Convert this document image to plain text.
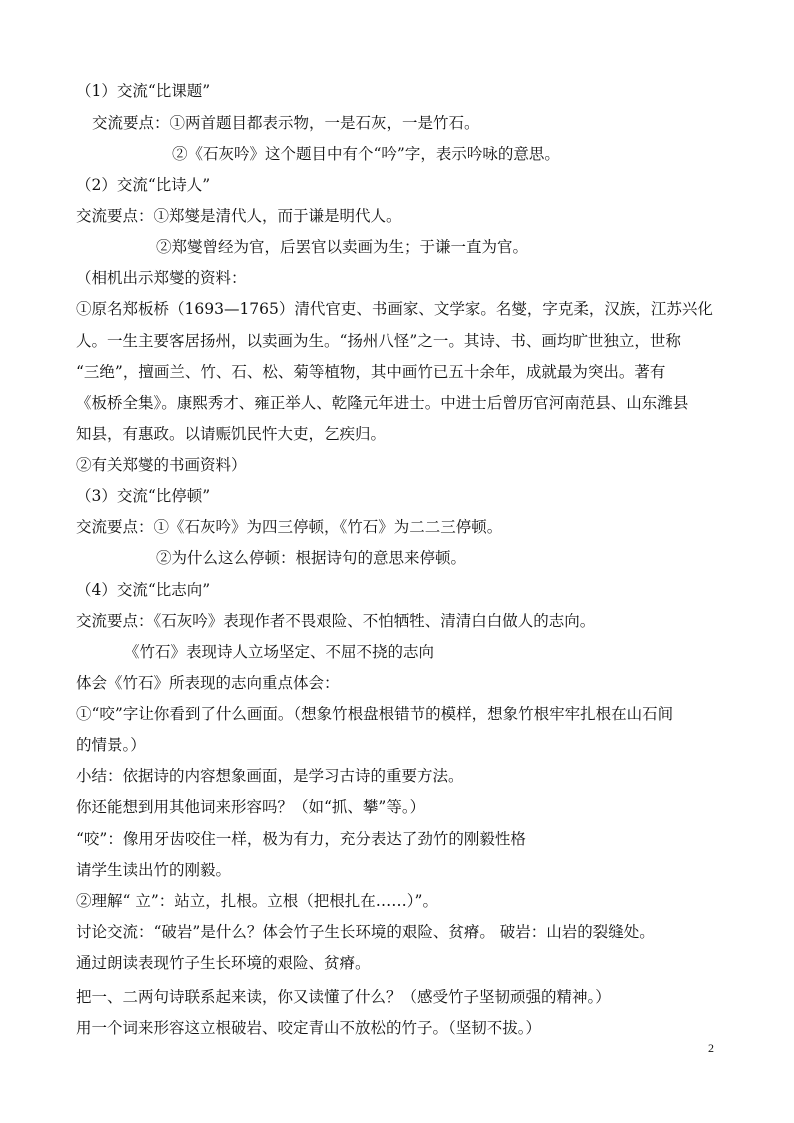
（1）交流“比课题”
交流要点：①两首题目都表示物，一是石灰，一是竹石。
②《石灰吟》这个题目中有个“吟”字，表示吟咏的意思。
（2）交流“比诗人”
交流要点：①郑燮是清代人，而于谦是明代人。
②郑燮曾经为官，后罢官以卖画为生；于谦一直为官。
（相机出示郑燮的资料：
①原名郑板桥（1693—1765）清代官吏、书画家、文学家。名燮，字克柔，汉族，江苏兴化
人。一生主要客居扬州，以卖画为生。“扬州八怪”之一。其诗、书、画均旷世独立，世称
“三绝”，擅画兰、竹、石、松、菊等植物，其中画竹已五十余年，成就最为突出。著有
《板桥全集》。康熙秀才、雍正举人、乾隆元年进士。中进士后曾历官河南范县、山东潍县
知县，有惠政。以请赈饥民忤大吏，乞疾归。
②有关郑燮的书画资料）
（3）交流“比停顿”
交流要点：①《石灰吟》为四三停顿，《竹石》为二二三停顿。
②为什么这么停顿：根据诗句的意思来停顿。
（4）交流“比志向”
交流要点：《石灰吟》表现作者不畏艰险、不怕牺牲、清清白白做人的志向。
《竹石》表现诗人立场坚定、不屈不挠的志向
体会《竹石》所表现的志向重点体会：
①“咬”字让你看到了什么画面。（想象竹根盘根错节的模样，想象竹根牢牢扎根在山石间
的情景。）
小结：依据诗的内容想象画面，是学习古诗的重要方法。
你还能想到用其他词来形容吗？（如“抓、攀”等。）
“咬”：像用牙齿咬住一样，极为有力，充分表达了劲竹的刚毅性格
请学生读出竹的刚毅。
②理解“ 立”：站立，扎根。立根（把根扎在……）”。
讨论交流：“破岩”是什么？体会竹子生长环境的艰险、贫瘠。 破岩：山岩的裂缝处。
通过朗读表现竹子生长环境的艰险、贫瘠。
把一、二两句诗联系起来读，你又读懂了什么？（感受竹子坚韧顽强的精神。）
用一个词来形容这立根破岩、咬定青山不放松的竹子。（坚韧不拔。）
2
